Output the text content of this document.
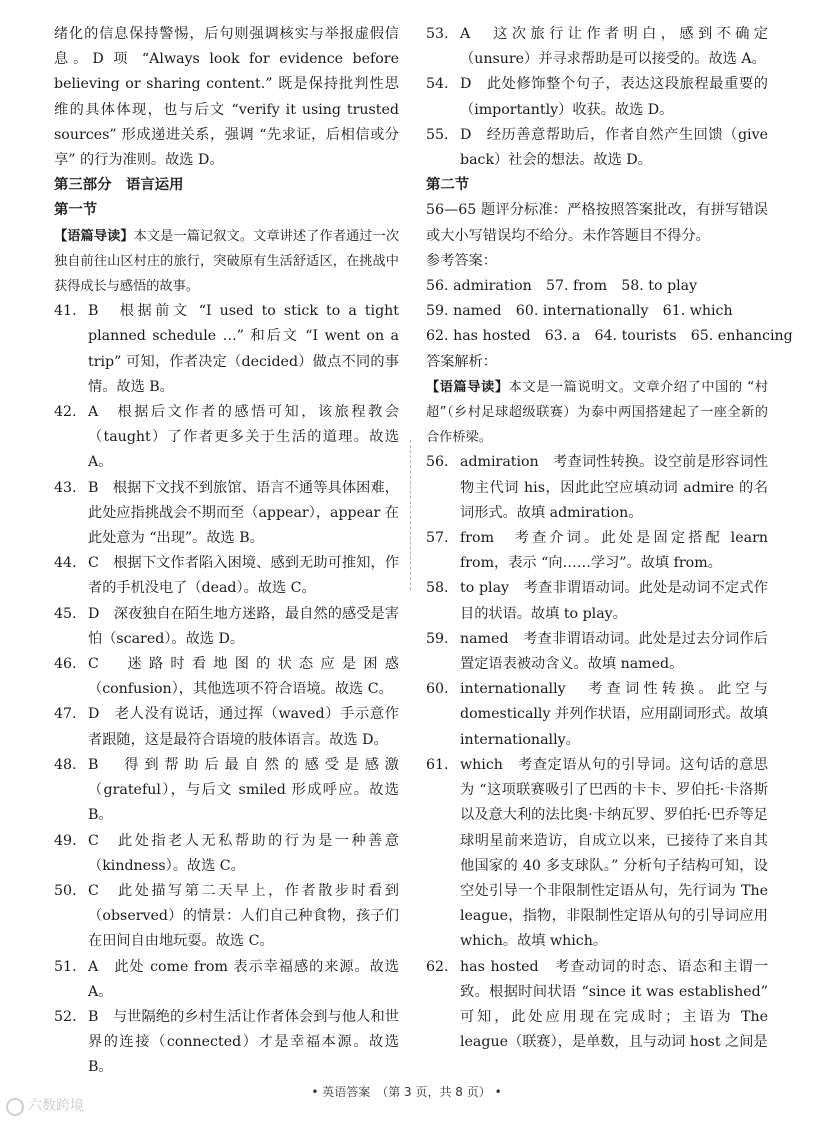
绪化的信息保持警惕，后句则强调核实与举报虚假信息。D 项 “Always look for evidence before believing or sharing content.” 既是保持批判性思维的具体体现，也与后文 “verify it using trusted sources” 形成递进关系，强调 “先求证，后相信或分享” 的行为准则。故选 D。

第三部分　语言运用

第一节

【语篇导读】本文是一篇记叙文。文章讲述了作者通过一次独自前往山区村庄的旅行，突破原有生活舒适区，在挑战中获得成长与感悟的故事。

41. B　根据前文 “I used to stick to a tight planned schedule …” 和后文 “I went on a trip” 可知，作者决定（decided）做点不同的事情。故选 B。
42. A　根据后文作者的感悟可知，该旅程教会（taught）了作者更多关于生活的道理。故选 A。
43. B　根据下文找不到旅馆、语言不通等具体困难，此处应指挑战会不期而至（appear），appear 在此处意为 “出现”。故选 B。
44. C　根据下文作者陷入困境、感到无助可推知，作者的手机没电了（dead）。故选 C。
45. D　深夜独自在陌生地方迷路，最自然的感受是害怕（scared）。故选 D。
46. C　迷路时看地图的状态应是困惑（confusion），其他选项不符合语境。故选 C。
47. D　老人没有说话，通过挥（waved）手示意作者跟随，这是最符合语境的肢体语言。故选 D。
48. B　得到帮助后最自然的感受是感激（grateful），与后文 smiled 形成呼应。故选 B。
49. C　此处指老人无私帮助的行为是一种善意（kindness）。故选 C。
50. C　此处描写第二天早上，作者散步时看到（observed）的情景：人们自己种食物，孩子们在田间自由地玩耍。故选 C。
51. A　此处 come from 表示幸福感的来源。故选 A。
52. B　与世隔绝的乡村生活让作者体会到与他人和世界的连接（connected）才是幸福本源。故选 B。
53. A　这次旅行让作者明白，感到不确定（unsure）并寻求帮助是可以接受的。故选 A。
54. D　此处修饰整个句子，表达这段旅程最重要的（importantly）收获。故选 D。
55. D　经历善意帮助后，作者自然产生回馈（give back）社会的想法。故选 D。

第二节

56—65 题评分标准：严格按照答案批改，有拼写错误或大小写错误均不给分。未作答题目不得分。

参考答案：

56. admiration　57. from　58. to play

59. named　60. internationally　61. which

62. has hosted　63. a　64. tourists　65. enhancing

答案解析：

【语篇导读】本文是一篇说明文。文章介绍了中国的 “村超”（乡村足球超级联赛）为泰中两国搭建起了一座全新的合作桥梁。

56. admiration　考查词性转换。设空前是形容词性物主代词 his，因此此空应填动词 admire 的名词形式。故填 admiration。
57. from　考查介词。此处是固定搭配 learn from，表示 “向……学习”。故填 from。
58. to play　考查非谓语动词。此处是动词不定式作目的状语。故填 to play。
59. named　考查非谓语动词。此处是过去分词作后置定语表被动含义。故填 named。
60. internationally　考查词性转换。此空与 domestically 并列作状语，应用副词形式。故填 internationally。
61. which　考查定语从句的引导词。这句话的意思为 “这项联赛吸引了巴西的卡卡、罗伯托·卡洛斯以及意大利的法比奥·卡纳瓦罗、罗伯托·巴乔等足球明星前来造访，自成立以来，已接待了来自其他国家的 40 多支球队。” 分析句子结构可知，设空处引导一个非限制性定语从句，先行词为 The league，指物，非限制性定语从句的引导词应用 which。故填 which。
62. has hosted　考查动词的时态、语态和主谓一致。根据时间状语 “since it was established” 可知，此处应用现在完成时；主语为 The league（联赛），是单数，且与动词 host 之间是
• 英语答案　（第 3 页，共 8 页） •
六数跨境
